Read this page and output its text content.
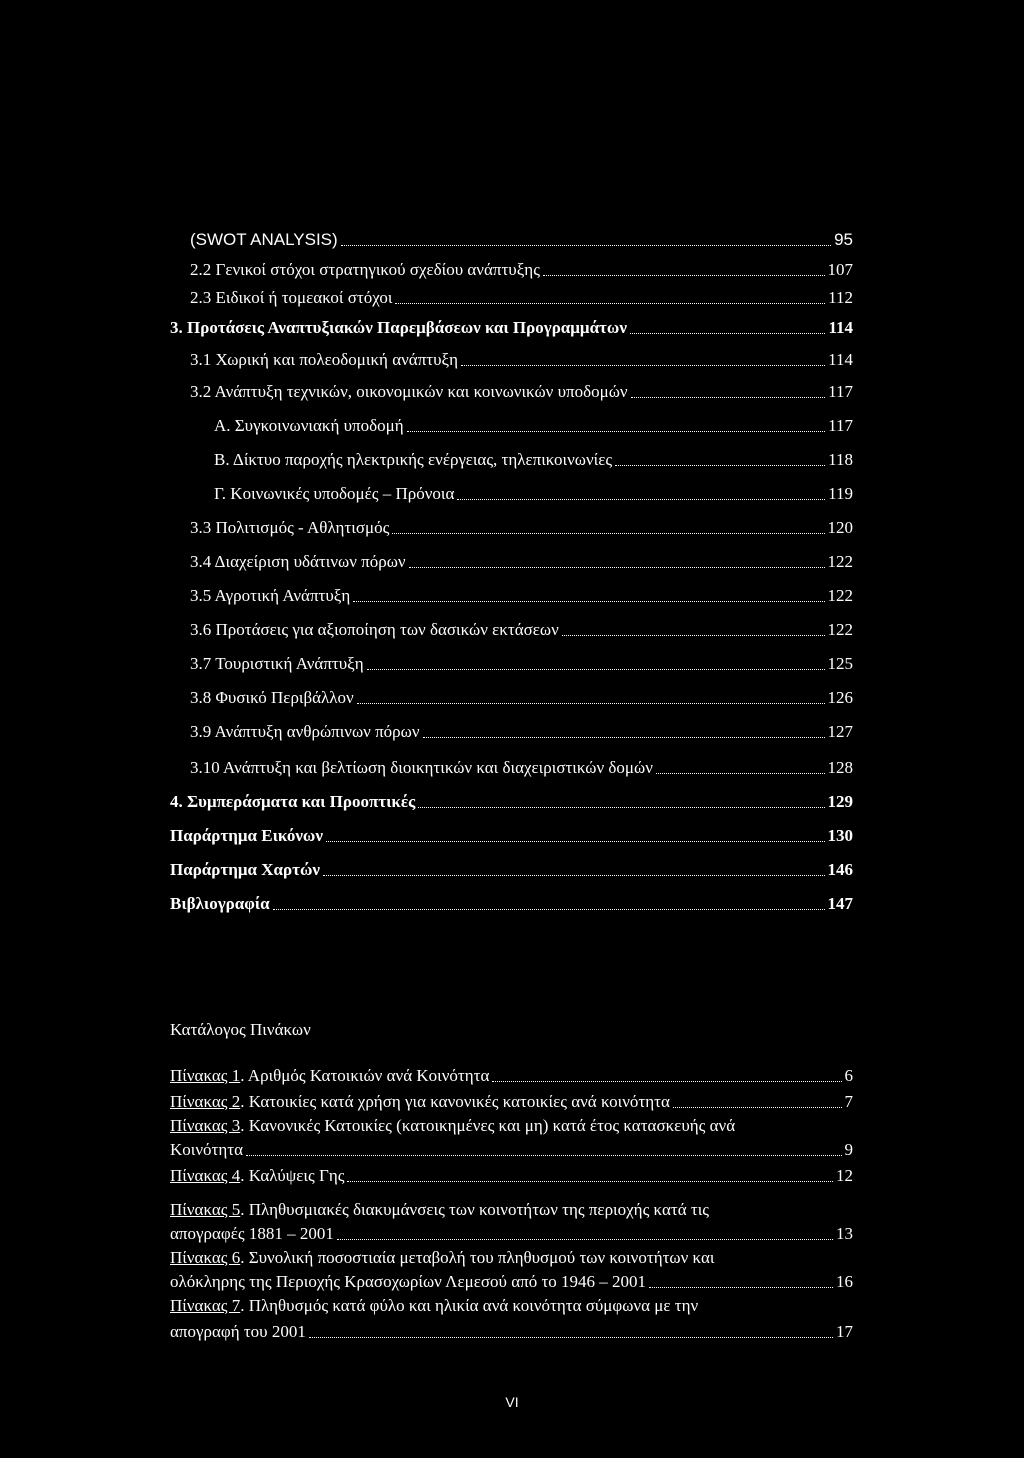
(SWOT ANALYSIS)	95
2.2 Γενικοί στόχοι στρατηγικού σχεδίου ανάπτυξης	107
2.3 Ειδικοί ή τομεακοί στόχοι	112
3. Προτάσεις Αναπτυξιακών Παρεμβάσεων και Προγραμμάτων	114
3.1 Χωρική και πολεοδομική ανάπτυξη	114
3.2 Ανάπτυξη τεχνικών, οικονομικών και κοινωνικών υποδομών	117
Α. Συγκοινωνιακή υποδομή	117
Β. Δίκτυο παροχής ηλεκτρικής ενέργειας, τηλεπικοινωνίες	118
Γ. Κοινωνικές υποδομές – Πρόνοια	119
3.3 Πολιτισμός - Αθλητισμός	120
3.4 Διαχείριση υδάτινων πόρων	122
3.5 Αγροτική Ανάπτυξη	122
3.6 Προτάσεις για αξιοποίηση των δασικών εκτάσεων	122
3.7 Τουριστική Ανάπτυξη	125
3.8 Φυσικό Περιβάλλον	126
3.9 Ανάπτυξη ανθρώπινων πόρων	127
3.10 Ανάπτυξη και βελτίωση διοικητικών και διαχειριστικών δομών	128
4. Συμπεράσματα και Προοπτικές	129
Παράρτημα Εικόνων	130
Παράρτημα Χαρτών	146
Βιβλιογραφία	147
Κατάλογος Πινάκων
Πίνακας 1. Αριθμός Κατοικιών ανά Κοινότητα	6
Πίνακας 2. Κατοικίες κατά χρήση για κανονικές κατοικίες ανά κοινότητα	7
Πίνακας 3. Κανονικές Κατοικίες (κατοικημένες και μη) κατά έτος κατασκευής ανά
Κοινότητα	9
Πίνακας 4. Καλύψεις Γης	12
Πίνακας 5. Πληθυσμιακές διακυμάνσεις των κοινοτήτων της περιοχής κατά τις
απογραφές 1881 – 2001	13
Πίνακας 6. Συνολική ποσοστιαία μεταβολή του πληθυσμού των κοινοτήτων και
ολόκληρης της Περιοχής Κρασοχωρίων Λεμεσού από το 1946 – 2001	16
Πίνακας 7. Πληθυσμός κατά φύλο και ηλικία ανά κοινότητα σύμφωνα με την
απογραφή του 2001	17
VI
